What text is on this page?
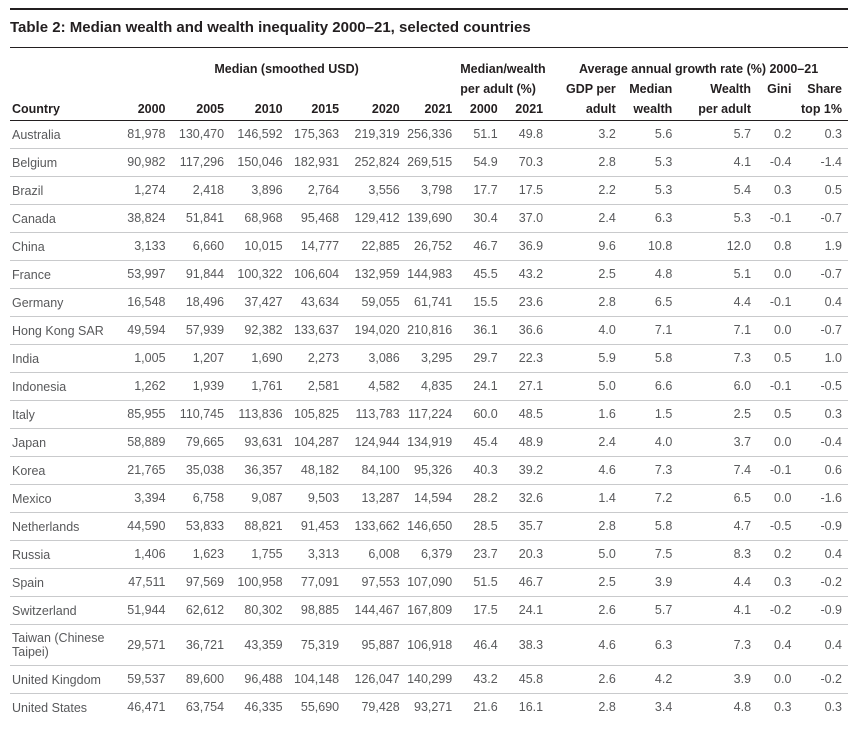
Table 2: Median wealth and wealth inequality 2000–21, selected countries
Country	Median (smoothed USD)						Median/wealth		Average annual growth rate (%) 2000–21				
							per adult (%)		GDP per	Median	Wealth	Gini	Share
	2000	2005	2010	2015	2020	2021	2000	2021	adult	wealth	per adult		top 1%
Australia	81,978	130,470	146,592	175,363	219,319	256,336	51.1	49.8	3.2	5.6	5.7	0.2	0.3
Belgium	90,982	117,296	150,046	182,931	252,824	269,515	54.9	70.3	2.8	5.3	4.1	-0.4	-1.4
Brazil	1,274	2,418	3,896	2,764	3,556	3,798	17.7	17.5	2.2	5.3	5.4	0.3	0.5
Canada	38,824	51,841	68,968	95,468	129,412	139,690	30.4	37.0	2.4	6.3	5.3	-0.1	-0.7
China	3,133	6,660	10,015	14,777	22,885	26,752	46.7	36.9	9.6	10.8	12.0	0.8	1.9
France	53,997	91,844	100,322	106,604	132,959	144,983	45.5	43.2	2.5	4.8	5.1	0.0	-0.7
Germany	16,548	18,496	37,427	43,634	59,055	61,741	15.5	23.6	2.8	6.5	4.4	-0.1	0.4
Hong Kong SAR	49,594	57,939	92,382	133,637	194,020	210,816	36.1	36.6	4.0	7.1	7.1	0.0	-0.7
India	1,005	1,207	1,690	2,273	3,086	3,295	29.7	22.3	5.9	5.8	7.3	0.5	1.0
Indonesia	1,262	1,939	1,761	2,581	4,582	4,835	24.1	27.1	5.0	6.6	6.0	-0.1	-0.5
Italy	85,955	110,745	113,836	105,825	113,783	117,224	60.0	48.5	1.6	1.5	2.5	0.5	0.3
Japan	58,889	79,665	93,631	104,287	124,944	134,919	45.4	48.9	2.4	4.0	3.7	0.0	-0.4
Korea	21,765	35,038	36,357	48,182	84,100	95,326	40.3	39.2	4.6	7.3	7.4	-0.1	0.6
Mexico	3,394	6,758	9,087	9,503	13,287	14,594	28.2	32.6	1.4	7.2	6.5	0.0	-1.6
Netherlands	44,590	53,833	88,821	91,453	133,662	146,650	28.5	35.7	2.8	5.8	4.7	-0.5	-0.9
Russia	1,406	1,623	1,755	3,313	6,008	6,379	23.7	20.3	5.0	7.5	8.3	0.2	0.4
Spain	47,511	97,569	100,958	77,091	97,553	107,090	51.5	46.7	2.5	3.9	4.4	0.3	-0.2
Switzerland	51,944	62,612	80,302	98,885	144,467	167,809	17.5	24.1	2.6	5.7	4.1	-0.2	-0.9
Taiwan (Chinese Taipei)	29,571	36,721	43,359	75,319	95,887	106,918	46.4	38.3	4.6	6.3	7.3	0.4	0.4
United Kingdom	59,537	89,600	96,488	104,148	126,047	140,299	43.2	45.8	2.6	4.2	3.9	0.0	-0.2
United States	46,471	63,754	46,335	55,690	79,428	93,271	21.6	16.1	2.8	3.4	4.8	0.3	0.3
